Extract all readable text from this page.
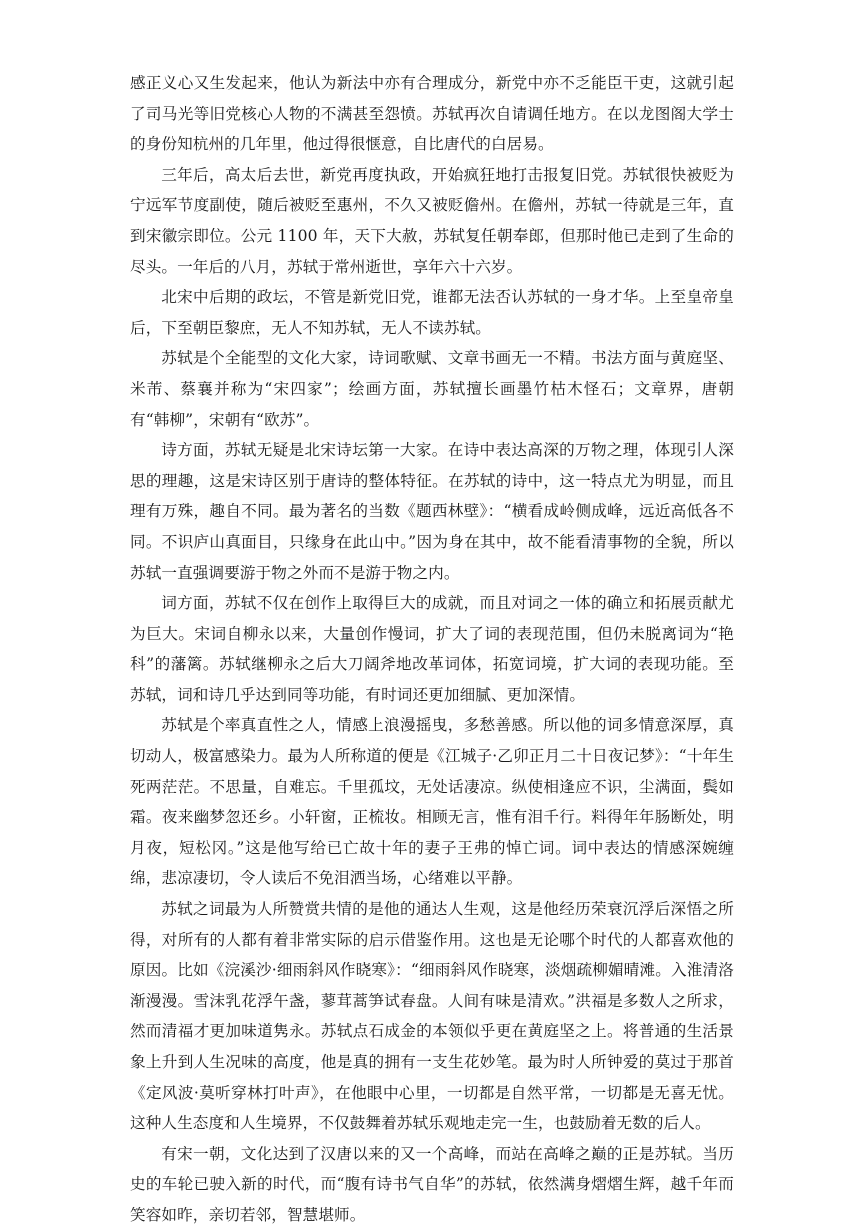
感正义心又生发起来，他认为新法中亦有合理成分，新党中亦不乏能臣干吏，这就引起了司马光等旧党核心人物的不满甚至怨愤。苏轼再次自请调任地方。在以龙图阁大学士的身份知杭州的几年里，他过得很惬意，自比唐代的白居易。

三年后，高太后去世，新党再度执政，开始疯狂地打击报复旧党。苏轼很快被贬为宁远军节度副使，随后被贬至惠州，不久又被贬儋州。在儋州，苏轼一待就是三年，直到宋徽宗即位。公元 1100 年，天下大赦，苏轼复任朝奉郎，但那时他已走到了生命的尽头。一年后的八月，苏轼于常州逝世，享年六十六岁。

北宋中后期的政坛，不管是新党旧党，谁都无法否认苏轼的一身才华。上至皇帝皇后，下至朝臣黎庶，无人不知苏轼，无人不读苏轼。

苏轼是个全能型的文化大家，诗词歌赋、文章书画无一不精。书法方面与黄庭坚、米芾、蔡襄并称为“宋四家”；绘画方面，苏轼擅长画墨竹枯木怪石；文章界，唐朝有“韩柳”，宋朝有“欧苏”。

诗方面，苏轼无疑是北宋诗坛第一大家。在诗中表达高深的万物之理，体现引人深思的理趣，这是宋诗区别于唐诗的整体特征。在苏轼的诗中，这一特点尤为明显，而且理有万殊，趣自不同。最为著名的当数《题西林壁》：“横看成岭侧成峰，远近高低各不同。不识庐山真面目，只缘身在此山中。”因为身在其中，故不能看清事物的全貌，所以苏轼一直强调要游于物之外而不是游于物之内。

词方面，苏轼不仅在创作上取得巨大的成就，而且对词之一体的确立和拓展贡献尤为巨大。宋词自柳永以来，大量创作慢词，扩大了词的表现范围，但仍未脱离词为“艳科”的藩篱。苏轼继柳永之后大刀阔斧地改革词体，拓宽词境，扩大词的表现功能。至苏轼，词和诗几乎达到同等功能，有时词还更加细腻、更加深情。

苏轼是个率真直性之人，情感上浪漫摇曳，多愁善感。所以他的词多情意深厚，真切动人，极富感染力。最为人所称道的便是《江城子·乙卯正月二十日夜记梦》：“十年生死两茫茫。不思量，自难忘。千里孤坟，无处话凄凉。纵使相逢应不识，尘满面，鬓如霜。夜来幽梦忽还乡。小轩窗，正梳妆。相顾无言，惟有泪千行。料得年年肠断处，明月夜，短松冈。”这是他写给已亡故十年的妻子王弗的悼亡词。词中表达的情感深婉缠绵，悲凉凄切，令人读后不免泪洒当场，心绪难以平静。

苏轼之词最为人所赞赏共情的是他的通达人生观，这是他经历荣衰沉浮后深悟之所得，对所有的人都有着非常实际的启示借鉴作用。这也是无论哪个时代的人都喜欢他的原因。比如《浣溪沙·细雨斜风作晓寒》：“细雨斜风作晓寒，淡烟疏柳媚晴滩。入淮清洛渐漫漫。雪沫乳花浮午盏，蓼茸蒿笋试春盘。人间有味是清欢。”洪福是多数人之所求，然而清福才更加味道隽永。苏轼点石成金的本领似乎更在黄庭坚之上。将普通的生活景象上升到人生况味的高度，他是真的拥有一支生花妙笔。最为时人所钟爱的莫过于那首《定风波·莫听穿林打叶声》，在他眼中心里，一切都是自然平常，一切都是无喜无忧。这种人生态度和人生境界，不仅鼓舞着苏轼乐观地走完一生，也鼓励着无数的后人。

有宋一朝，文化达到了汉唐以来的又一个高峰，而站在高峰之巅的正是苏轼。当历史的车轮已驶入新的时代，而“腹有诗书气自华”的苏轼，依然满身熠熠生辉，越千年而笑容如昨，亲切若邻，智慧堪师。
